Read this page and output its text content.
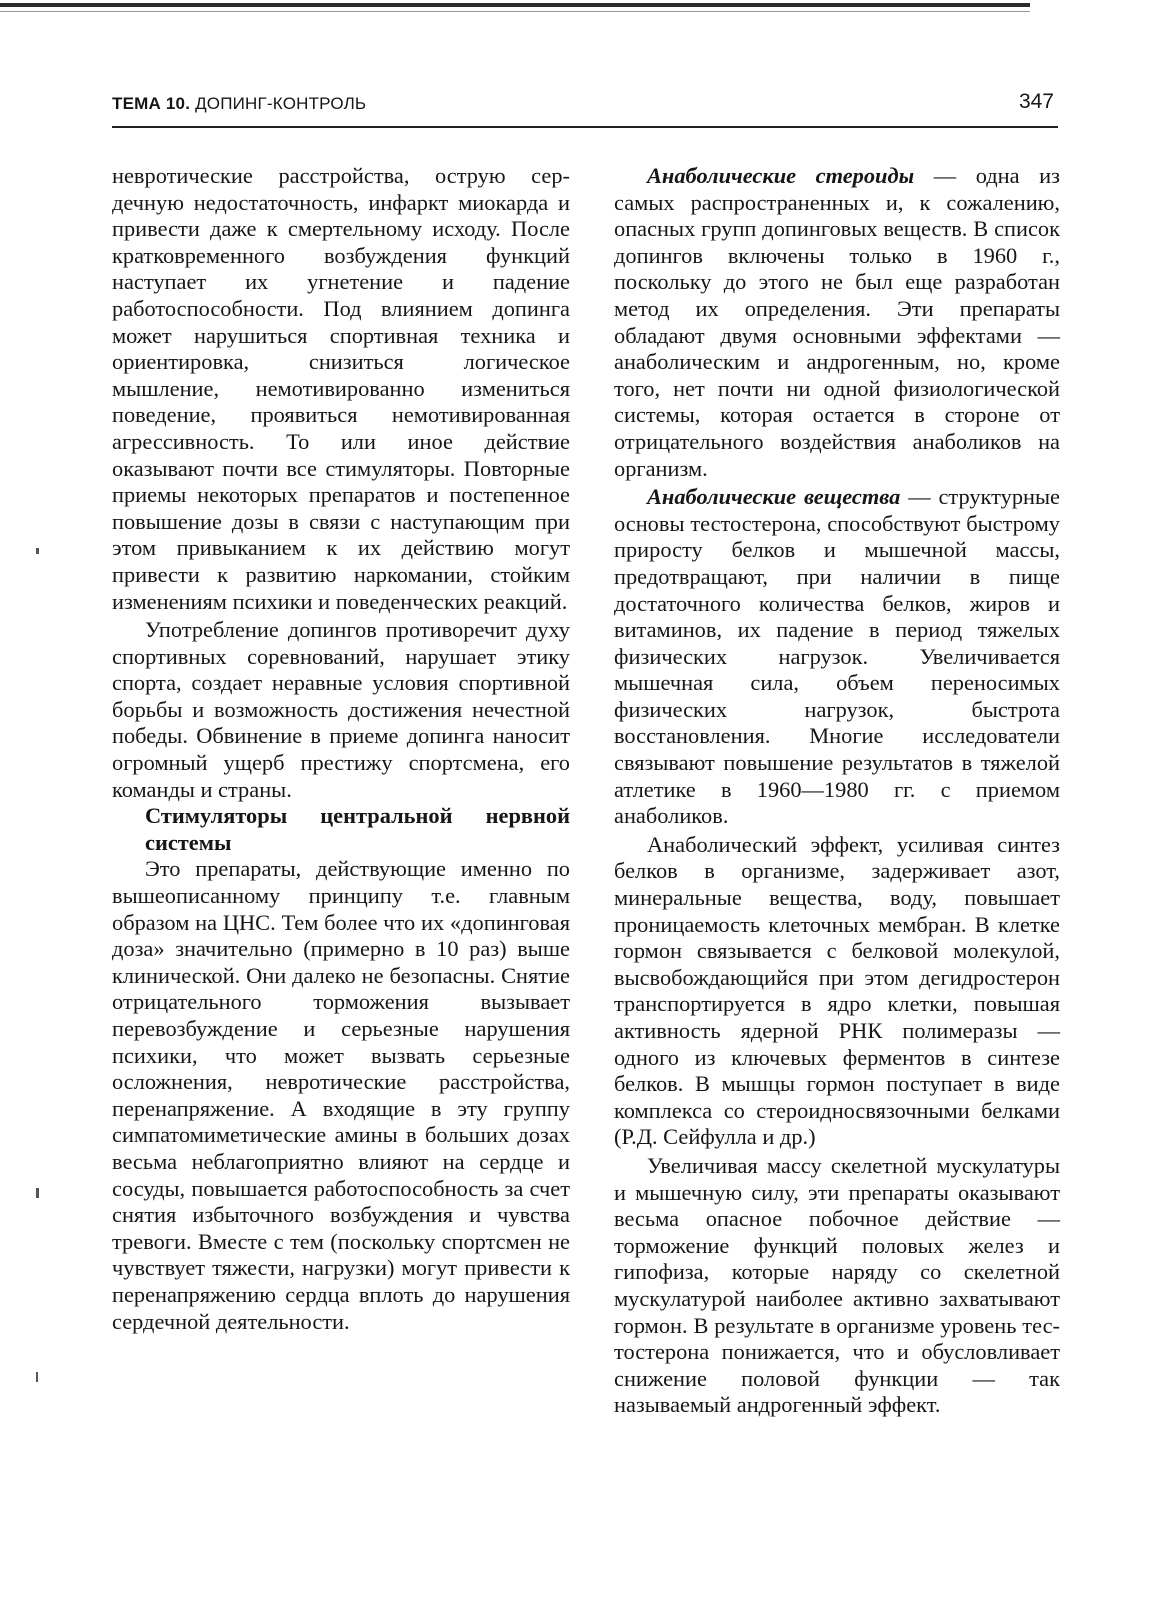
ТЕМА 10. ДОПИНГ-КОНТРОЛЬ	347

невротические расстройства, острую сердечную недостаточность, инфаркт миокарда и привести даже к смертельному исходу. После кратковременного возбуждения функций наступает их угнетение и падение работоспособности. Под влиянием допинга может нарушиться спортивная техника и ориентировка, снизиться логическое мышление, немотивированно измениться поведение, проявиться немотивированная агрессивность. То или иное действие оказывают почти все стимуляторы. Повторные приемы некоторых препаратов и постепенное повышение дозы в связи с наступающим при этом привыканием к их действию могут привести к развитию наркомании, стойким изменениям психики и поведенческих реакций.

Употребление допингов противоречит духу спортивных соревнований, нарушает этику спорта, создает неравные условия спортивной борьбы и возможность достижения нечестной победы. Обвинение в приеме допинга наносит огромный ущерб престижу спортсмена, его команды и страны.

Стимуляторы центральной нервной системы

Это препараты, действующие именно по вышеописанному принципу т.е. главным образом на ЦНС. Тем более что их «допинговая доза» значительно (примерно в 10 раз) выше клинической. Они далеко не безопасны. Снятие отрицательного торможения вызывает перевозбуждение и серьезные нарушения психики, что может вызвать серьезные осложнения, невротические расстройства, перенапряжение. А входящие в эту группу симпатомиметические амины в больших дозах весьма неблагоприятно влияют на сердце и сосуды, повышается работоспособность за счет снятия избыточного возбуждения и чувства тревоги. Вместе с тем (поскольку спортсмен не чувствует тяжести, нагрузки) могут привести к перенапряжению сердца вплоть до нарушения сердечной деятельности.

Анаболические стероиды — одна из самых распространенных и, к сожалению, опасных групп допинговых веществ. В список допингов включены только в 1960 г., поскольку до этого не был еще разработан метод их определения. Эти препараты обладают двумя основными эффектами — анаболическим и андрогенным, но, кроме того, нет почти ни одной физиологической системы, которая остается в стороне от отрицательного воздействия анаболиков на организм.

Анаболические вещества — структурные основы тестостерона, способствуют быстрому приросту белков и мышечной массы, предотвращают, при наличии в пище достаточного количества белков, жиров и витаминов, их падение в период тяжелых физических нагрузок. Увеличивается мышечная сила, объем переносимых физических нагрузок, быстрота восстановления. Многие исследователи связывают повышение результатов в тяжелой атлетике в 1960—1980 гг. с приемом анаболиков.

Анаболический эффект, усиливая синтез белков в организме, задерживает азот, минеральные вещества, воду, повышает проницаемость клеточных мембран. В клетке гормон связывается с белковой молекулой, высвобождающийся при этом дегидростерон транспортируется в ядро клетки, повышая активность ядерной РНК полимеразы — одного из ключевых ферментов в синтезе белков. В мышцы гормон поступает в виде комплекса со стероидносвязочными белками (Р.Д. Сейфулла и др.)

Увеличивая массу скелетной мускулатуры и мышечную силу, эти препараты оказывают весьма опасное побочное действие — торможение функций половых желез и гипофиза, которые наряду со скелетной мускулатурой наиболее активно захватывают гормон. В результате в организме уровень тестостерона понижается, что и обусловливает снижение половой функции — так называемый андрогенный эффект.
